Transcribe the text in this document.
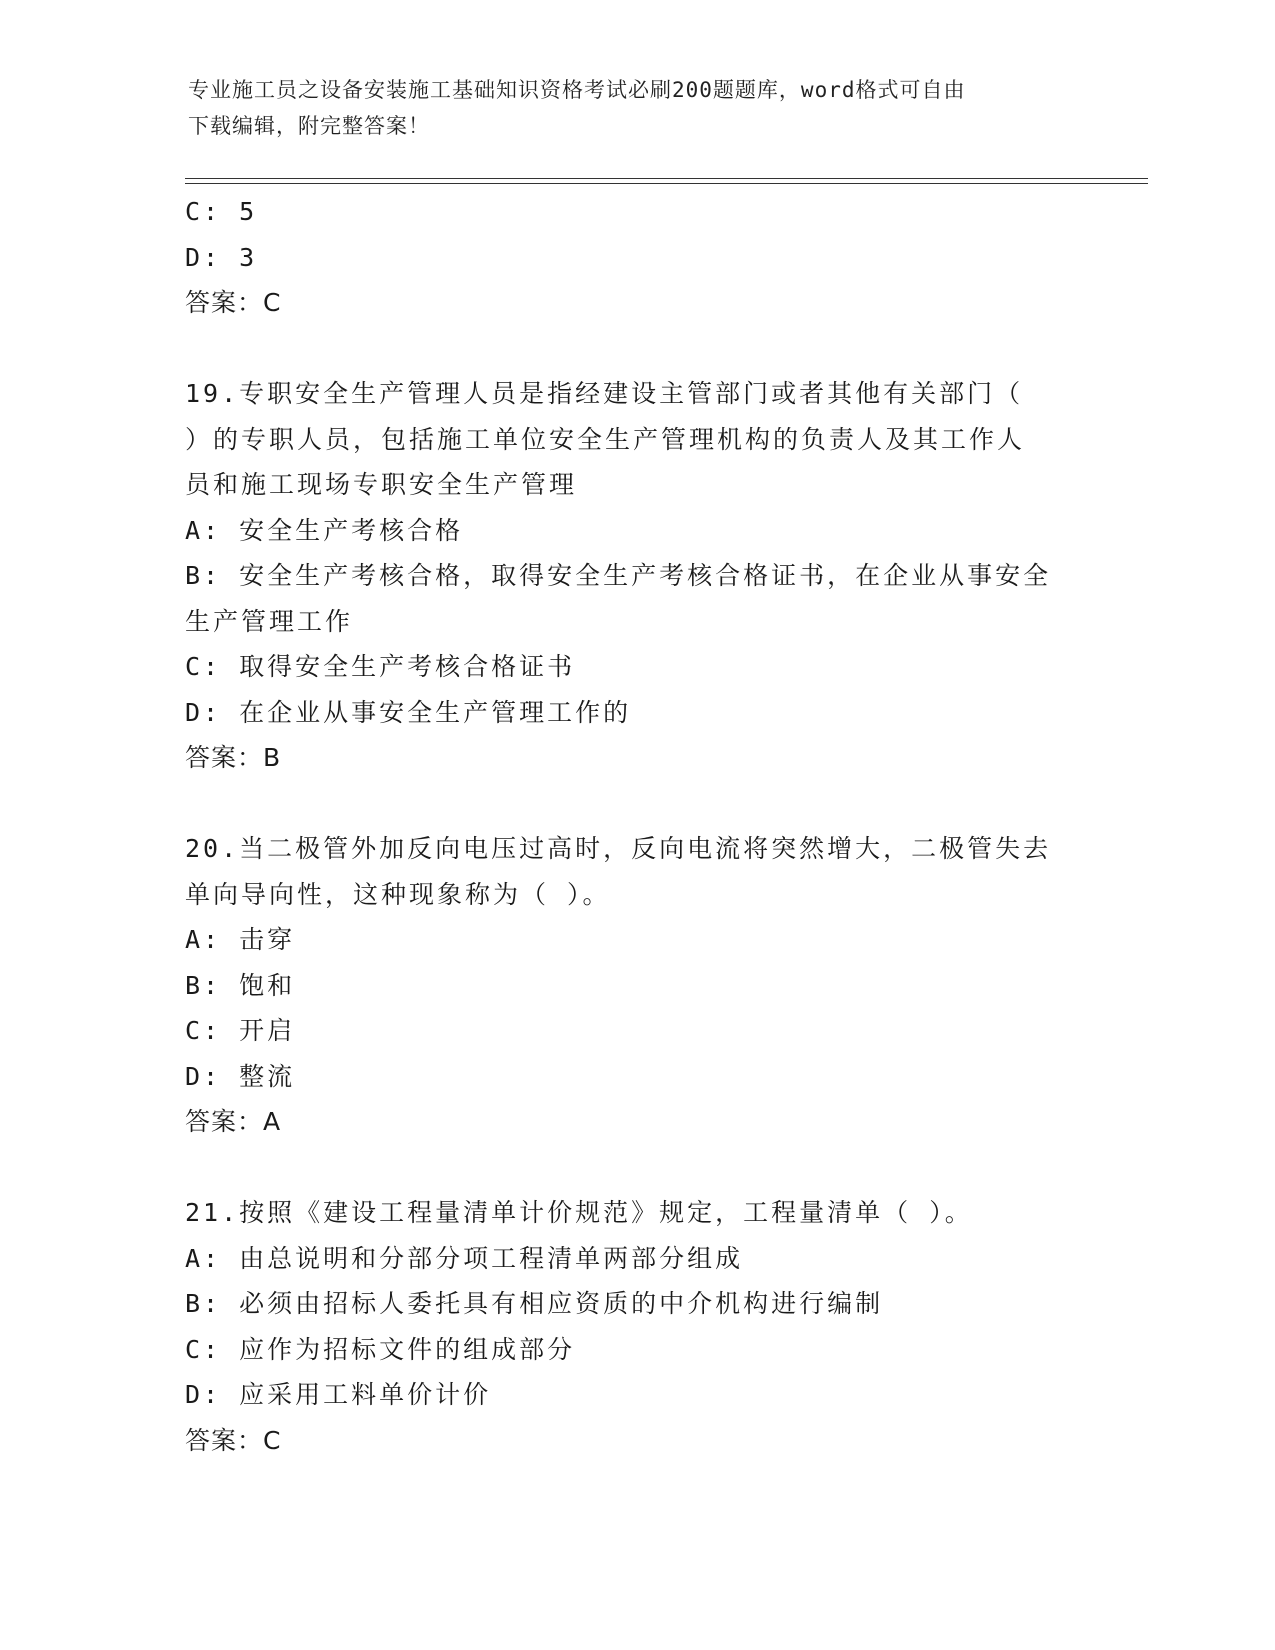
专业施工员之设备安装施工基础知识资格考试必刷200题题库，word格式可自由
下载编辑，附完整答案！
C: 5
D: 3
答案：C
19.专职安全生产管理人员是指经建设主管部门或者其他有关部门（
）的专职人员，包括施工单位安全生产管理机构的负责人及其工作人
员和施工现场专职安全生产管理
A: 安全生产考核合格
B: 安全生产考核合格，取得安全生产考核合格证书，在企业从事安全
生产管理工作
C: 取得安全生产考核合格证书
D: 在企业从事安全生产管理工作的
答案：B
20.当二极管外加反向电压过高时，反向电流将突然增大，二极管失去
单向导向性，这种现象称为（ ）。
A: 击穿
B: 饱和
C: 开启
D: 整流
答案：A
21.按照《建设工程量清单计价规范》规定，工程量清单（ ）。
A: 由总说明和分部分项工程清单两部分组成
B: 必须由招标人委托具有相应资质的中介机构进行编制
C: 应作为招标文件的组成部分
D: 应采用工料单价计价
答案：C
